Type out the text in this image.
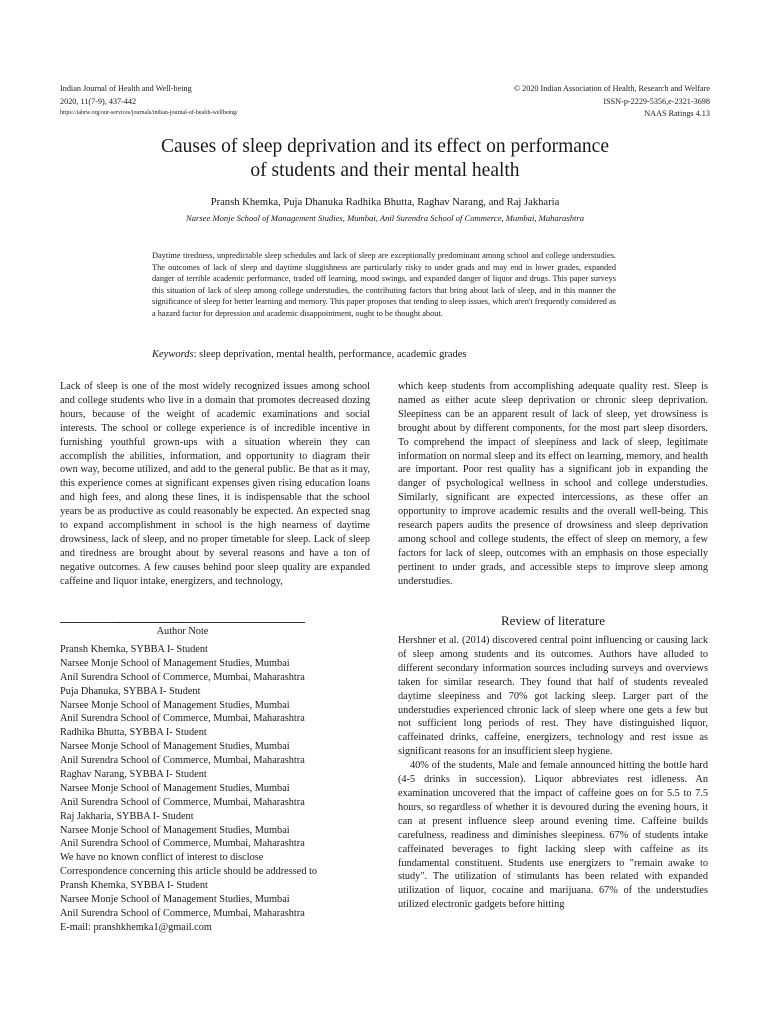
Indian Journal of Health and Well-being
2020, 11(7-9), 437-442
https://iahrw.org/our-services/journals/indian-journal-of-health-wellbeing/
© 2020 Indian Association of Health, Research and Welfare
ISSN-p-2229-5356,e-2321-3698
NAAS Ratings 4.13
Causes of sleep deprivation and its effect on performance
of students and their mental health
Pransh Khemka, Puja Dhanuka Radhika Bhutta, Raghav Narang, and Raj Jakharia
Narsee Monje School of Management Studies, Mumbai, Anil Surendra School of Commerce, Mumbai, Maharashtra
Daytime tiredness, unpredictable sleep schedules and lack of sleep are exceptionally predominant among school and college understudies. The outcomes of lack of sleep and daytime sluggishness are particularly risky to under grads and may end in lower grades, expanded danger of terrible academic performance, traded off learning, mood swings, and expanded danger of liquor and drugs. This paper surveys this situation of lack of sleep among college understudies, the contributing factors that bring about lack of sleep, and in this manner the significance of sleep for better learning and memory. This paper proposes that tending to sleep issues, which aren't frequently considered as a hazard factor for depression and academic disappointment, ought to be thought about.
Keywords: sleep deprivation, mental health, performance, academic grades

Lack of sleep is one of the most widely recognized issues among school and college students who live in a domain that promotes decreased dozing hours, because of the weight of academic examinations and social interests. The school or college experience is of incredible incentive in furnishing youthful grown-ups with a situation wherein they can accomplish the abilities, information, and opportunity to diagram their own way, become utilized, and add to the general public. Be that as it may, this experience comes at significant expenses given rising education loans and high fees, and along these lines, it is indispensable that the school years be as productive as could reasonably be expected. An expected snag to expand accomplishment in school is the high nearness of daytime drowsiness, lack of sleep, and no proper timetable for sleep. Lack of sleep and tiredness are brought about by several reasons and have a ton of negative outcomes. A few causes behind poor sleep quality are expanded caffeine and liquor intake, energizers, and technology,

which keep students from accomplishing adequate quality rest. Sleep is named as either acute sleep deprivation or chronic sleep deprivation. Sleepiness can be an apparent result of lack of sleep, yet drowsiness is brought about by different components, for the most part sleep disorders. To comprehend the impact of sleepiness and lack of sleep, legitimate information on normal sleep and its effect on learning, memory, and health are important. Poor rest quality has a significant job in expanding the danger of psychological wellness in school and college understudies. Similarly, significant are expected intercessions, as these offer an opportunity to improve academic results and the overall well-being. This research papers audits the presence of drowsiness and sleep deprivation among school and college students, the effect of sleep on memory, a few factors for lack of sleep, outcomes with an emphasis on those especially pertinent to under grads, and accessible steps to improve sleep among understudies.

Review of literature

Hershner et al. (2014) discovered central point influencing or causing lack of sleep among students and its outcomes. Authors have alluded to different secondary information sources including surveys and overviews taken for similar research. They found that half of students revealed daytime sleepiness and 70% got lacking sleep. Larger part of the understudies experienced chronic lack of sleep where one gets a few but not sufficient long periods of rest. They have distinguished liquor, caffeinated drinks, caffeine, energizers, technology and rest issue as significant reasons for an insufficient sleep hygiene.

40% of the students, Male and female announced hitting the bottle hard (4-5 drinks in succession). Liquor abbreviates rest idleness. An examination uncovered that the impact of caffeine goes on for 5.5 to 7.5 hours, so regardless of whether it is devoured during the evening hours, it can at present influence sleep around evening time. Caffeine builds carefulness, readiness and diminishes sleepiness. 67% of students intake caffeinated beverages to fight lacking sleep with caffeine as its fundamental constituent. Students use energizers to "remain awake to study". The utilization of stimulants has been related with expanded utilization of liquor, cocaine and marijuana. 67% of the understudies utilized electronic gadgets before hitting

Author Note
Pransh Khemka, SYBBA I- Student
Narsee Monje School of Management Studies, Mumbai
Anil Surendra School of Commerce, Mumbai, Maharashtra
Puja Dhanuka, SYBBA I- Student
Narsee Monje School of Management Studies, Mumbai
Anil Surendra School of Commerce, Mumbai, Maharashtra
Radhika Bhutta, SYBBA I- Student
Narsee Monje School of Management Studies, Mumbai
Anil Surendra School of Commerce, Mumbai, Maharashtra
Raghav Narang, SYBBA I- Student
Narsee Monje School of Management Studies, Mumbai
Anil Surendra School of Commerce, Mumbai, Maharashtra
Raj Jakharia, SYBBA I- Student
Narsee Monje School of Management Studies, Mumbai
Anil Surendra School of Commerce, Mumbai, Maharashtra
We have no known conflict of interest to disclose
Correspondence concerning this article should be addressed to
Pransh Khemka, SYBBA I- Student
Narsee Monje School of Management Studies, Mumbai
Anil Surendra School of Commerce, Mumbai, Maharashtra
E-mail: pranshkhemka1@gmail.com
